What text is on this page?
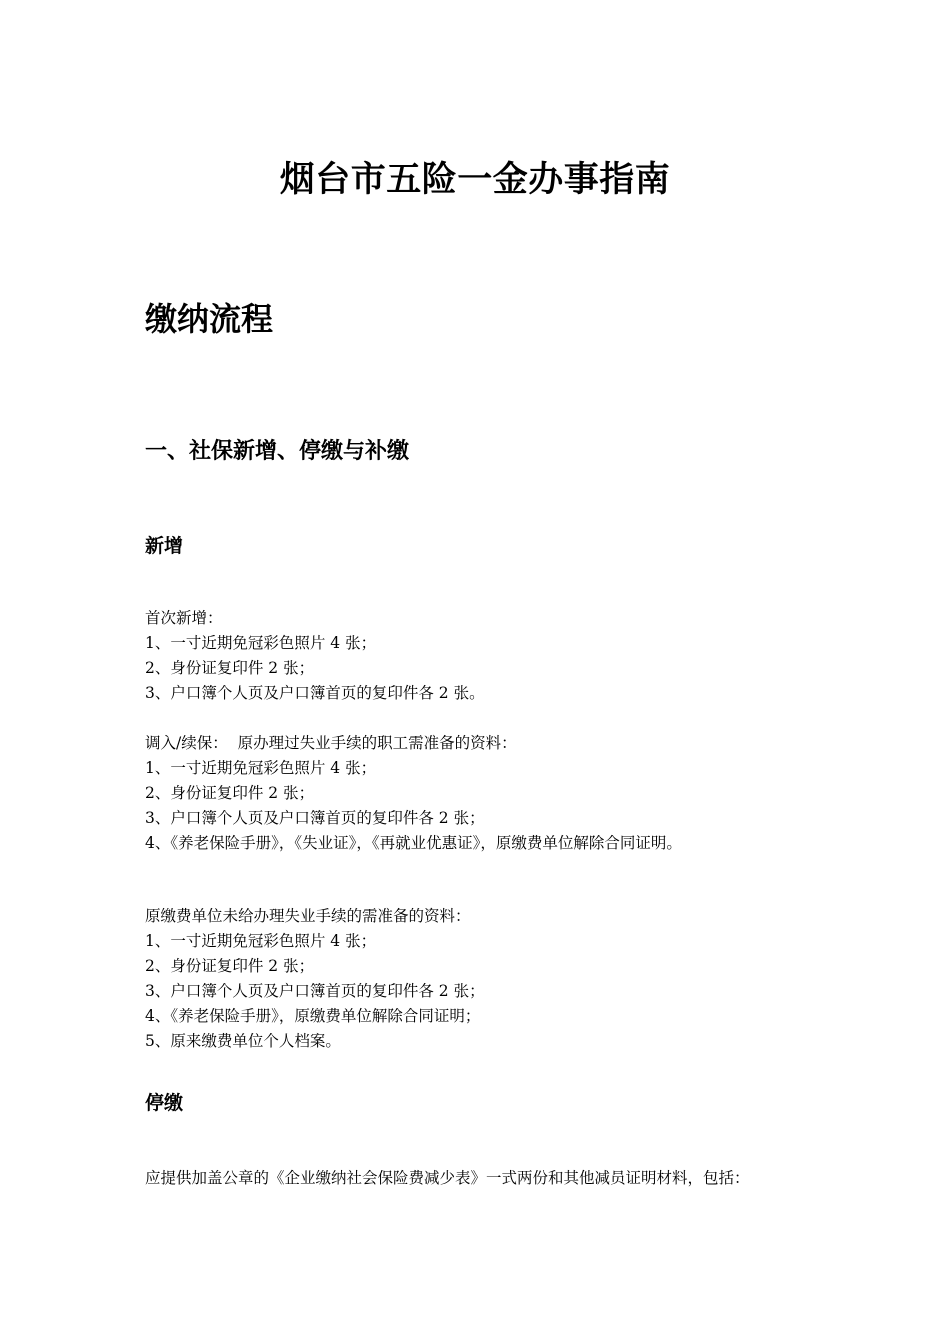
烟台市五险一金办事指南
缴纳流程
一、社保新增、停缴与补缴
新增
首次新增：
1、一寸近期免冠彩色照片 4 张；
2、身份证复印件 2 张；
3、户口簿个人页及户口簿首页的复印件各 2 张。
调入/续保：  原办理过失业手续的职工需准备的资料：
1、一寸近期免冠彩色照片 4 张；
2、身份证复印件 2 张；
3、户口簿个人页及户口簿首页的复印件各 2 张；
4、《养老保险手册》，《失业证》，《再就业优惠证》，原缴费单位解除合同证明。
原缴费单位未给办理失业手续的需准备的资料：
1、一寸近期免冠彩色照片 4 张；
2、身份证复印件 2 张；
3、户口簿个人页及户口簿首页的复印件各 2 张；
4、《养老保险手册》，原缴费单位解除合同证明；
5、原来缴费单位个人档案。
停缴
应提供加盖公章的《企业缴纳社会保险费减少表》一式两份和其他减员证明材料，包括：
